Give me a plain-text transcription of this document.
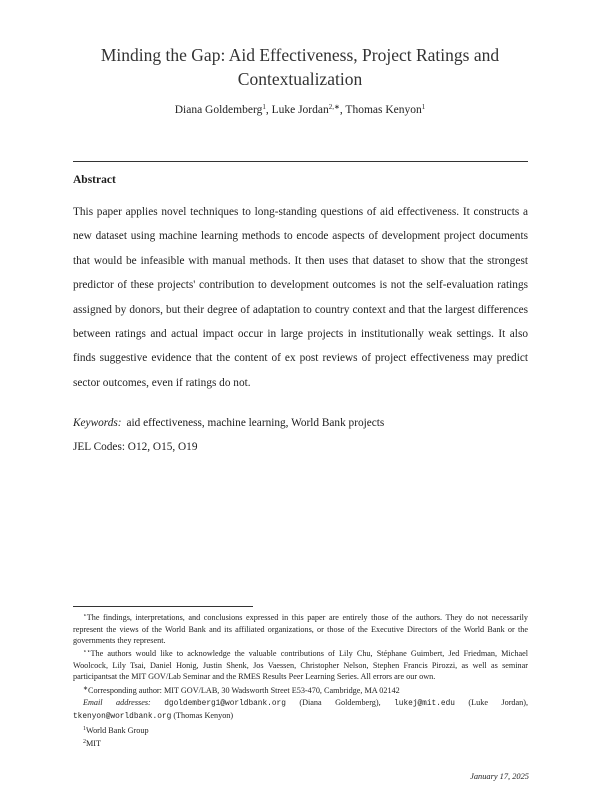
Minding the Gap: Aid Effectiveness, Project Ratings and
Contextualization
Diana Goldemberg$^1$, Luke Jordan$^{2,∗}$, Thomas Kenyon$^1$
Abstract
This paper applies novel techniques to long-standing questions of aid effectiveness. It constructs a new dataset using machine learning methods to encode aspects of development project documents that would be infeasible with manual methods. It then uses that dataset to show that the strongest predictor of these projects' contribution to development outcomes is not the self-evaluation ratings assigned by donors, but their degree of adaptation to country context and that the largest differences between ratings and actual impact occur in large projects in institutionally weak settings. It also finds suggestive evidence that the content of ex post reviews of project effectiveness may predict sector outcomes, even if ratings do not.
Keywords: aid effectiveness, machine learning, World Bank projects
JEL Codes: O12, O15, O19

⋆The findings, interpretations, and conclusions expressed in this paper are entirely those of the authors. They do not necessarily represent the views of the World Bank and its affiliated organizations, or those of the Executive Directors of the World Bank or the governments they represent.

⋆⋆The authors would like to acknowledge the valuable contributions of Lily Chu, Stéphane Guimbert, Jed Friedman, Michael Woolcock, Lily Tsai, Daniel Honig, Justin Shenk, Jos Vaessen, Christopher Nelson, Stephen Francis Pirozzi, as well as seminar participantsat the MIT GOV/Lab Seminar and the RMES Results Peer Learning Series. All errors are our own.

∗Corresponding author: MIT GOV/LAB, 30 Wadsworth Street E53-470, Cambridge, MA 02142

Email addresses: dgoldemberg1@worldbank.org (Diana Goldemberg), lukej@mit.edu (Luke Jordan), tkenyon@worldbank.org (Thomas Kenyon)

$^1$World Bank Group

$^2$MIT

January 17, 2025
